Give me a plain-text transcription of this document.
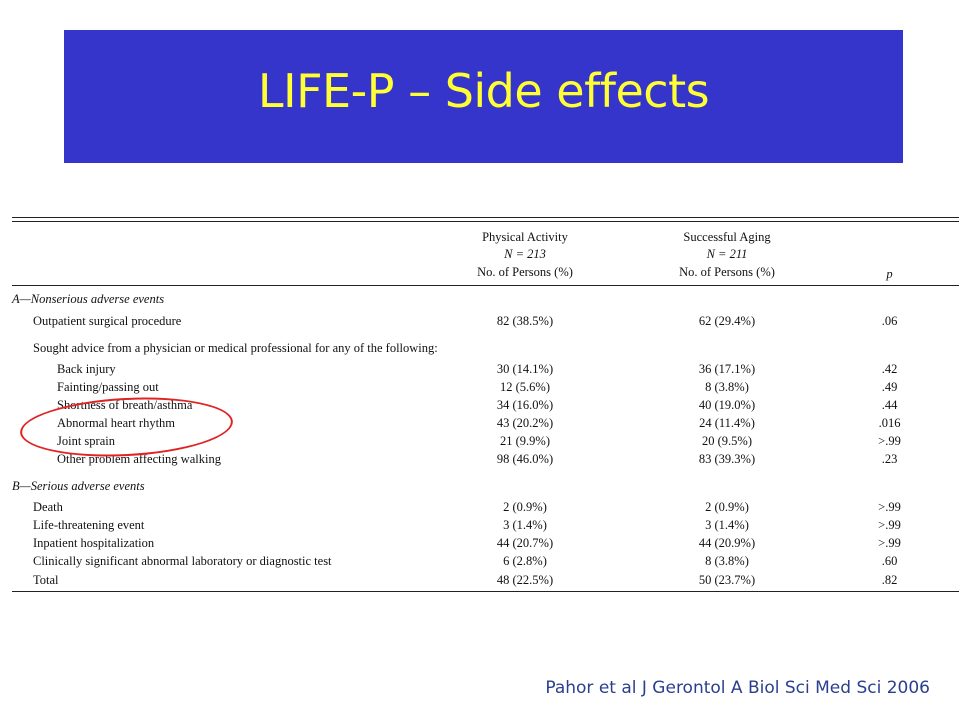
LIFE-P – Side effects
Physical Activity
N = 213
No. of Persons (%)
Successful Aging
N = 211
No. of Persons (%)	p
A—Nonserious adverse events
Outpatient surgical procedure	82 (38.5%)	62 (29.4%)	.06
Sought advice from a physician or medical professional for any of the following:
Back injury	30 (14.1%)	36 (17.1%)	.42
Fainting/passing out	12 (5.6%)	8 (3.8%)	.49
Shortness of breath/asthma	34 (16.0%)	40 (19.0%)	.44
Abnormal heart rhythm	43 (20.2%)	24 (11.4%)	.016
Joint sprain	21 (9.9%)	20 (9.5%)	>.99
Other problem affecting walking	98 (46.0%)	83 (39.3%)	.23
B—Serious adverse events
Death	2 (0.9%)	2 (0.9%)	>.99
Life-threatening event	3 (1.4%)	3 (1.4%)	>.99
Inpatient hospitalization	44 (20.7%)	44 (20.9%)	>.99
Clinically significant abnormal laboratory or diagnostic test	6 (2.8%)	8 (3.8%)	.60
Total	48 (22.5%)	50 (23.7%)	.82
Pahor et al J Gerontol A Biol Sci Med Sci 2006
